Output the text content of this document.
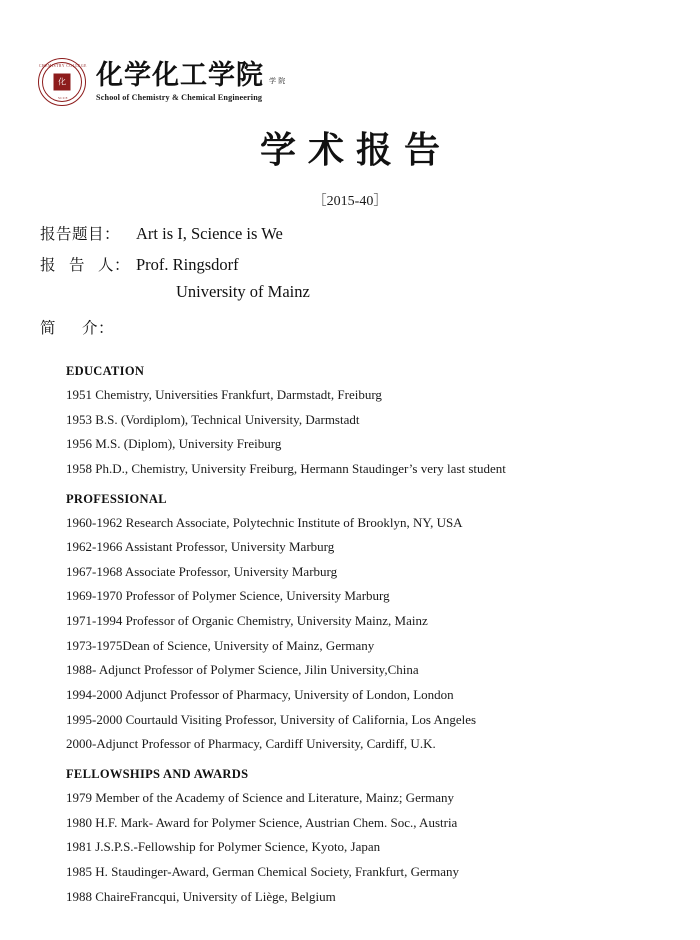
CHEMISTRY COLLEGE
化
SCCE
化学化工学院 学 院
School of Chemistry & Chemical Engineering
学术报告
［2015-40］
报告题目： Art is I, Science is We
报 告 人： Prof. Ringsdorf
University of Mainz
简 介：
EDUCATION
1951 Chemistry, Universities Frankfurt, Darmstadt, Freiburg
1953 B.S. (Vordiplom), Technical University, Darmstadt
1956 M.S. (Diplom), University Freiburg
1958 Ph.D., Chemistry, University Freiburg, Hermann Staudinger’s very last student
PROFESSIONAL
1960-1962 Research Associate, Polytechnic Institute of Brooklyn, NY, USA
1962-1966 Assistant Professor, University Marburg
1967-1968 Associate Professor, University Marburg
1969-1970 Professor of Polymer Science, University Marburg
1971-1994 Professor of Organic Chemistry, University Mainz, Mainz
1973-1975Dean of Science, University of Mainz, Germany
1988- Adjunct Professor of Polymer Science, Jilin University,China
1994-2000 Adjunct Professor of Pharmacy, University of London, London
1995-2000 Courtauld Visiting Professor, University of California, Los Angeles
2000-Adjunct Professor of Pharmacy, Cardiff University, Cardiff, U.K.
FELLOWSHIPS AND AWARDS
1979 Member of the Academy of Science and Literature, Mainz; Germany
1980 H.F. Mark- Award for Polymer Science, Austrian Chem. Soc., Austria
1981 J.S.P.S.-Fellowship for Polymer Science, Kyoto, Japan
1985 H. Staudinger-Award, German Chemical Society, Frankfurt, Germany
1988 ChaireFrancqui, University of Liège, Belgium
